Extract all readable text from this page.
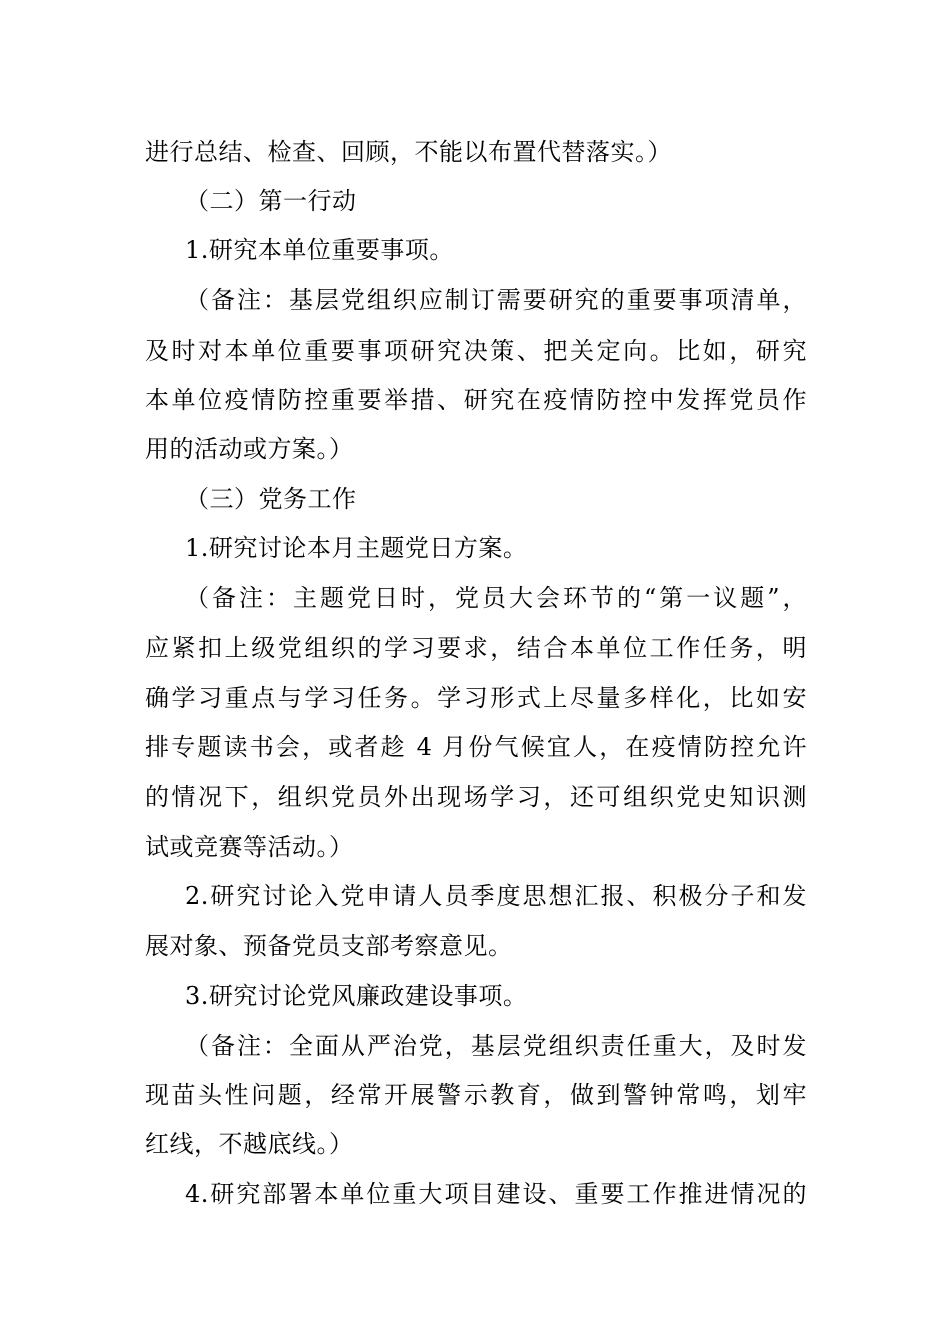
进行总结、检查、回顾，不能以布置代替落实。）
（二）第一行动
1.研究本单位重要事项。
（备注：基层党组织应制订需要研究的重要事项清单，
及时对本单位重要事项研究决策、把关定向。比如，研究
本单位疫情防控重要举措、研究在疫情防控中发挥党员作
用的活动或方案。）
（三）党务工作
1.研究讨论本月主题党日方案。
（备注：主题党日时，党员大会环节的“第一议题”，
应紧扣上级党组织的学习要求，结合本单位工作任务，明
确学习重点与学习任务。学习形式上尽量多样化，比如安
排专题读书会，或者趁 4 月份气候宜人，在疫情防控允许
的情况下，组织党员外出现场学习，还可组织党史知识测
试或竞赛等活动。）
2.研究讨论入党申请人员季度思想汇报、积极分子和发
展对象、预备党员支部考察意见。
3.研究讨论党风廉政建设事项。
（备注：全面从严治党，基层党组织责任重大，及时发
现苗头性问题，经常开展警示教育，做到警钟常鸣，划牢
红线，不越底线。）
4.研究部署本单位重大项目建设、重要工作推进情况的
